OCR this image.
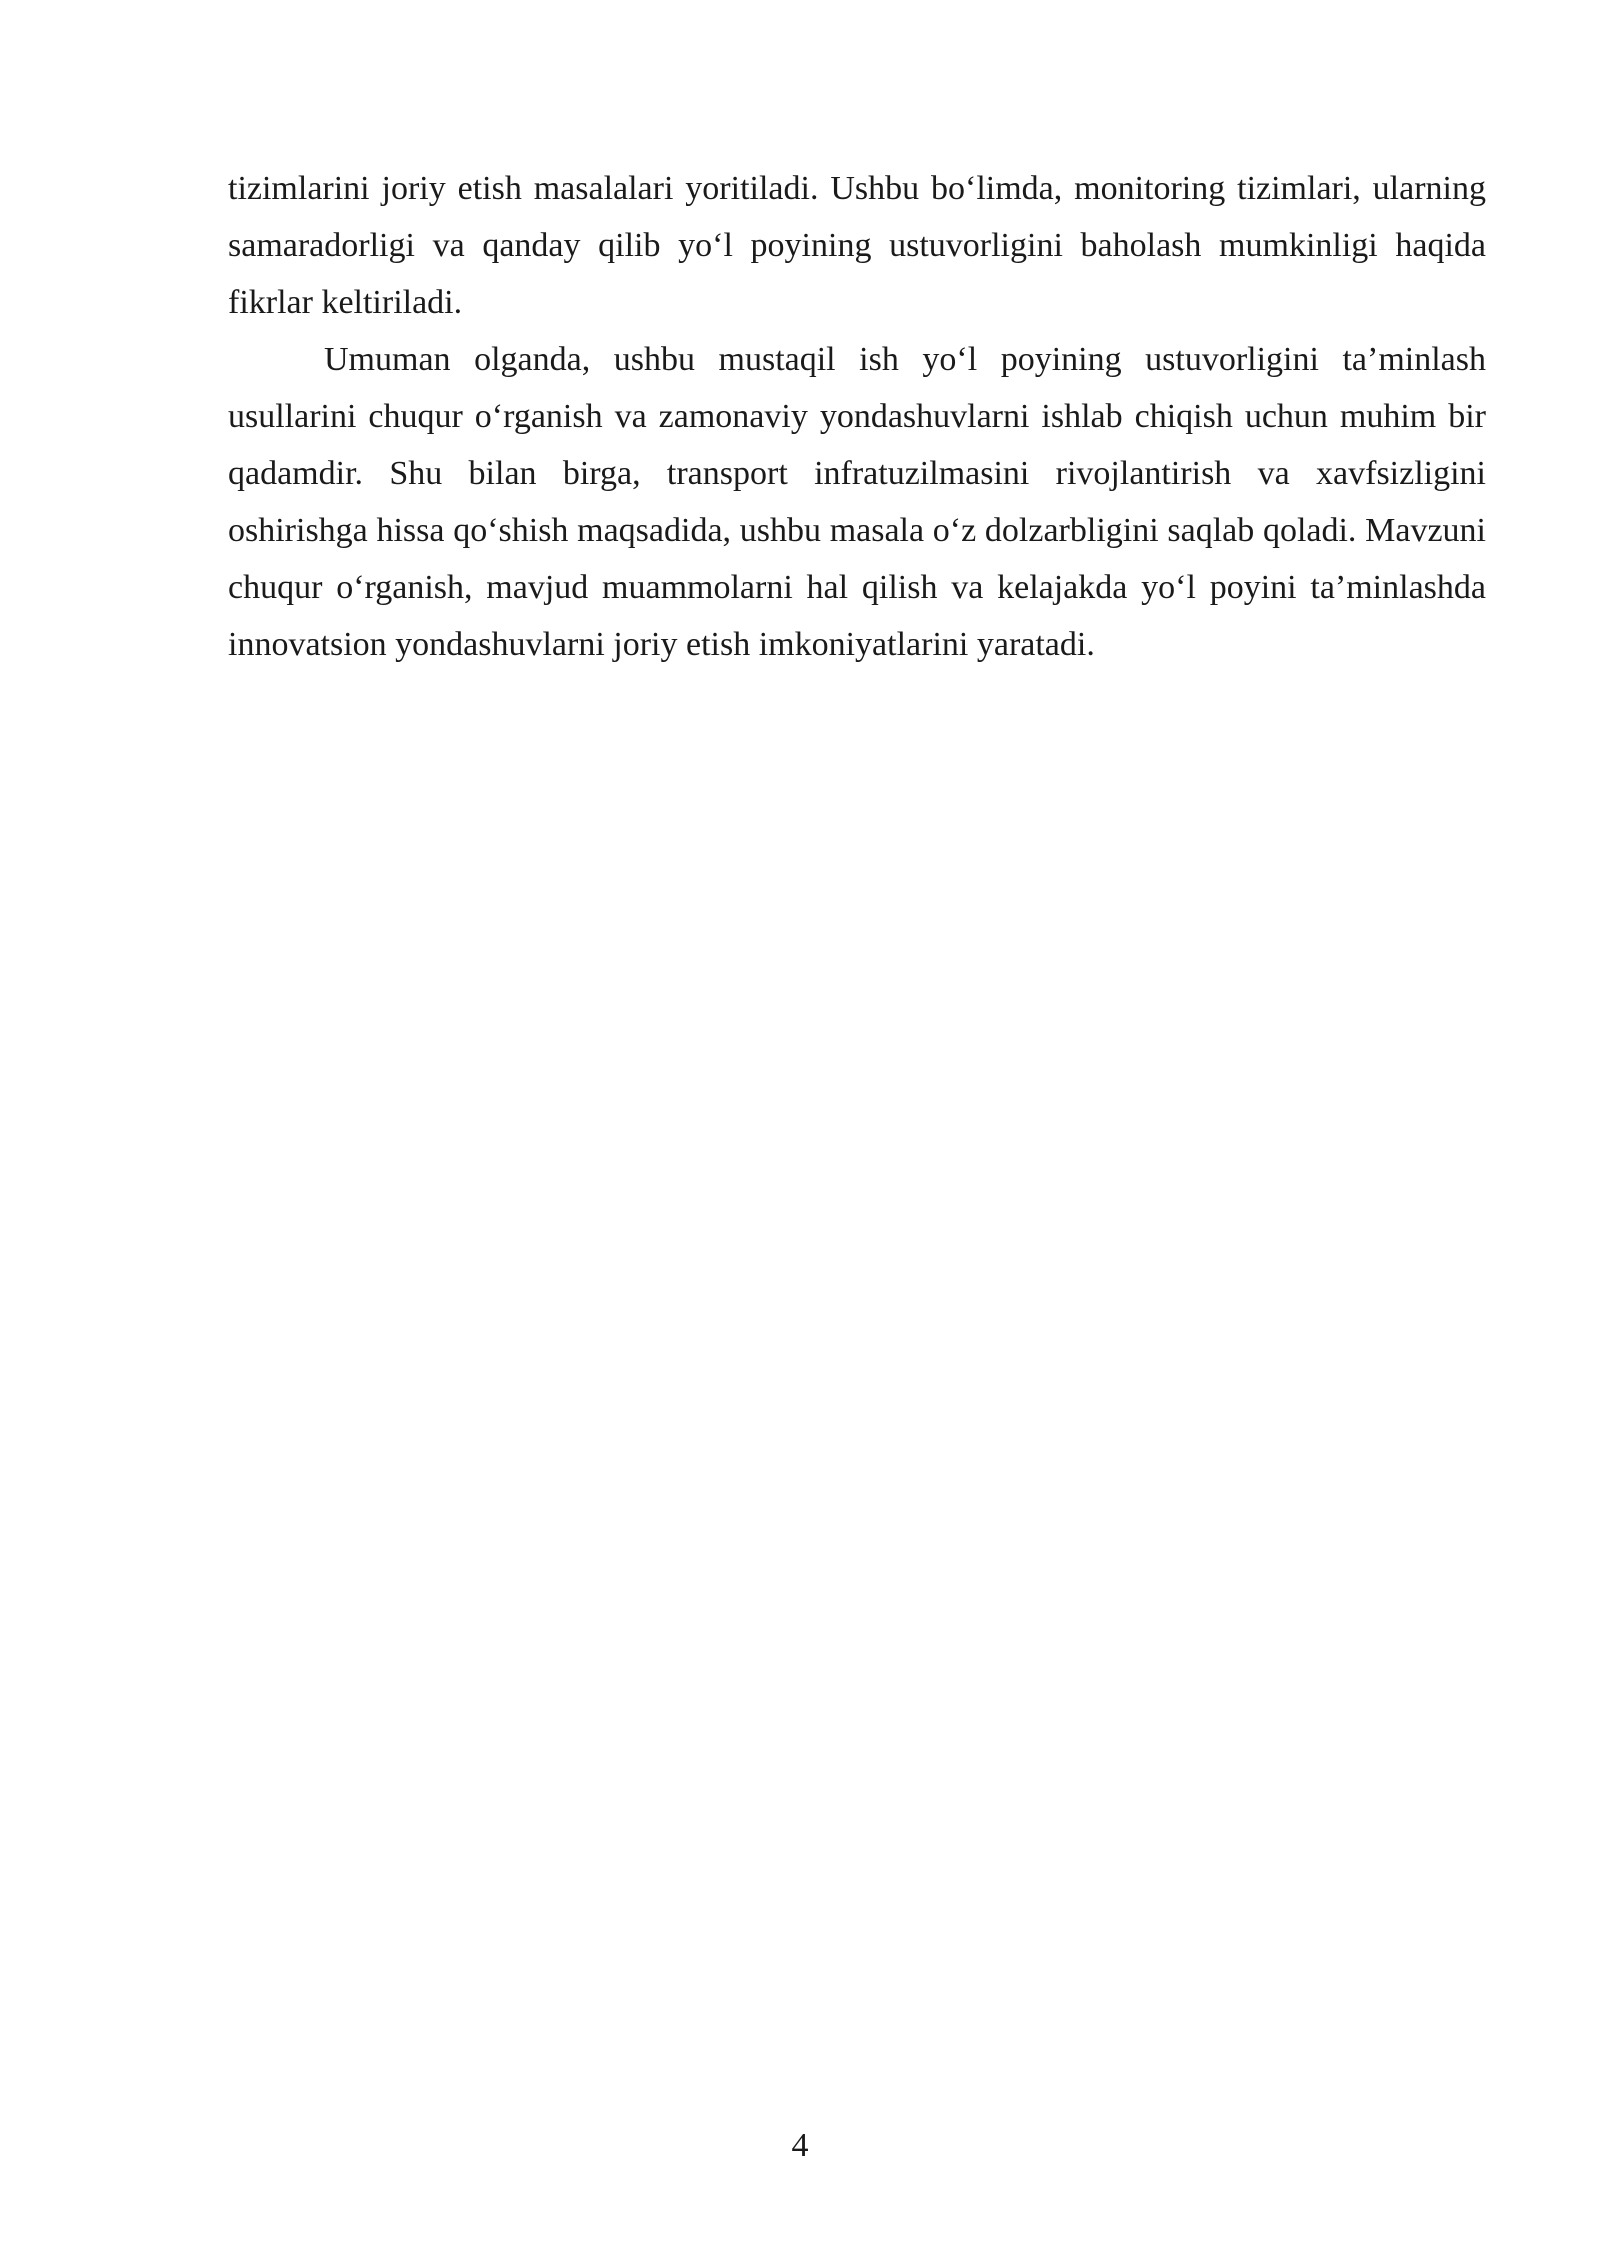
tizimlarini joriy etish masalalari yoritiladi. Ushbu bo‘limda, monitoring tizimlari, ularning samaradorligi va qanday qilib yo‘l poyining ustuvorligini baholash mumkinligi haqida fikrlar keltiriladi.

Umuman olganda, ushbu mustaqil ish yo‘l poyining ustuvorligini ta’minlash usullarini chuqur o‘rganish va zamonaviy yondashuvlarni ishlab chiqish uchun muhim bir qadamdir. Shu bilan birga, transport infratuzilmasini rivojlantirish va xavfsizligini oshirishga hissa qo‘shish maqsadida, ushbu masala o‘z dolzarbligini saqlab qoladi. Mavzuni chuqur o‘rganish, mavjud muammolarni hal qilish va kelajakda yo‘l poyini ta’minlashda innovatsion yondashuvlarni joriy etish imkoniyatlarini yaratadi.

4
